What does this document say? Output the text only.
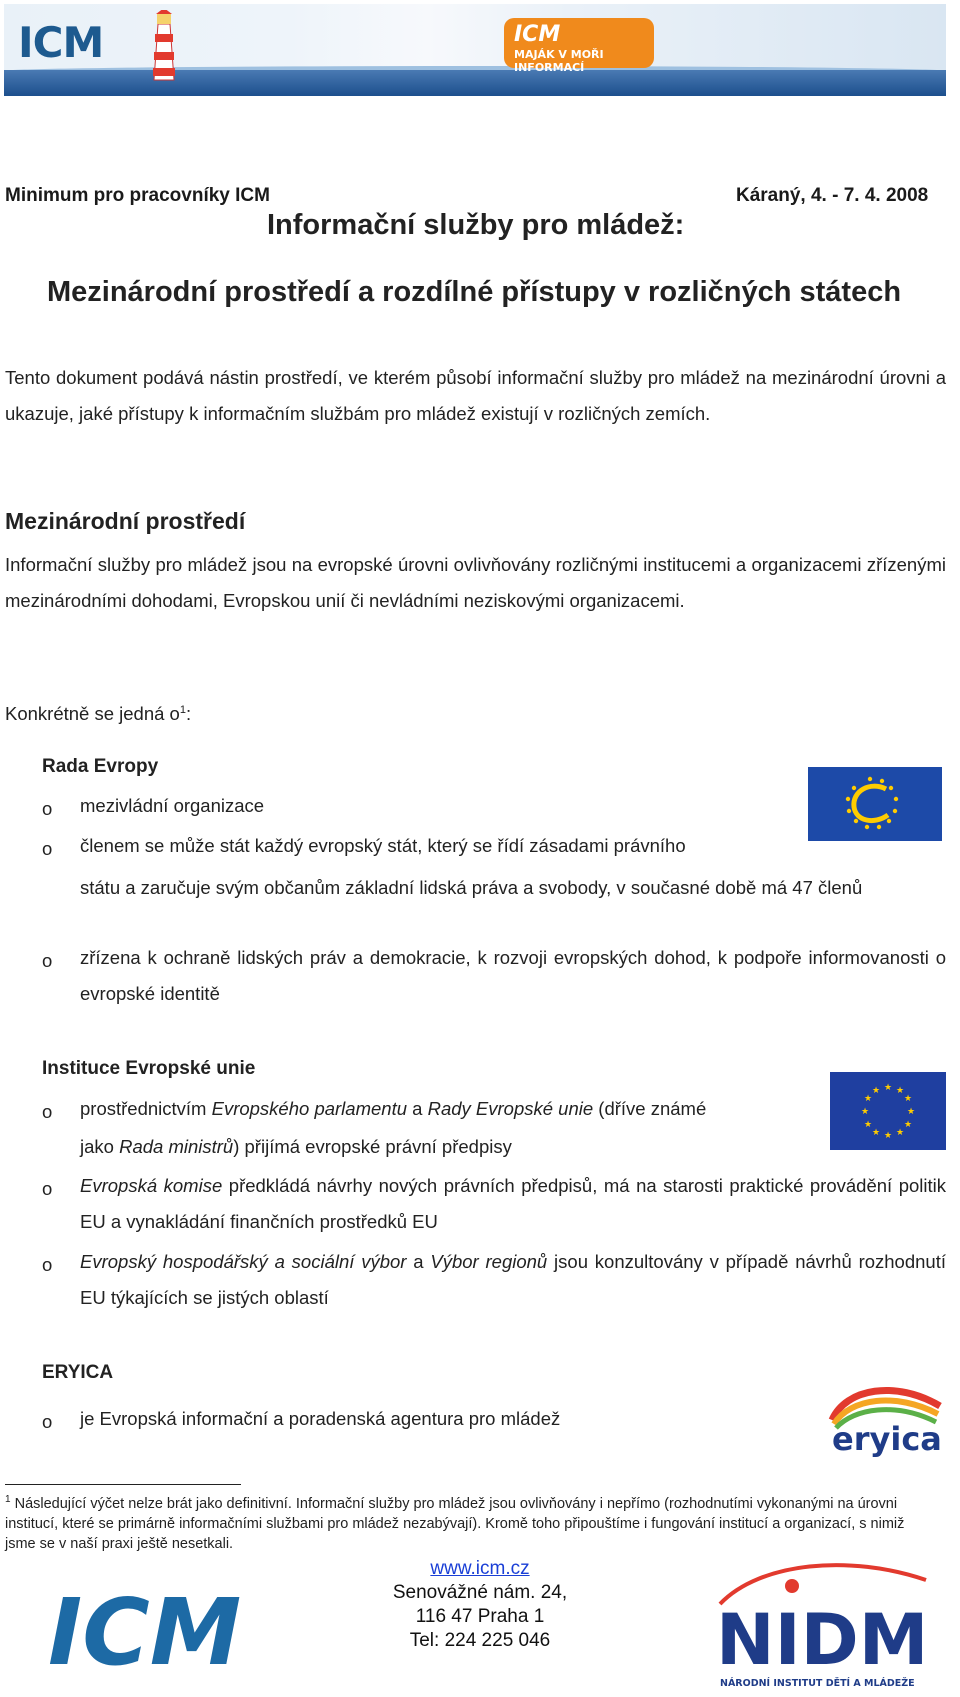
ICM	ICM
MAJÁK V MOŘI INFORMACÍ
Minimum pro pracovníky ICM	Káraný, 4. - 7. 4. 2008
Informační služby pro mládež:
Mezinárodní prostředí a rozdílné přístupy v rozličných státech
Tento dokument podává nástin prostředí, ve kterém působí informační služby pro mládež na mezinárodní úrovni a ukazuje, jaké přístupy k informačním službám pro mládež existují v rozličných zemích.
Mezinárodní prostředí
Informační služby pro mládež jsou na evropské úrovni ovlivňovány rozličnými institucemi a organizacemi zřízenými mezinárodními dohodami, Evropskou unií či nevládními neziskovými organizacemi.
Konkrétně se jedná $o^1$:
Rada Evropy
o mezivládní organizace
o členem se může stát každý evropský stát, který se řídí zásadami právního
státu a zaručuje svým občanům základní lidská práva a svobody, v současné době má 47 členů
o zřízena k ochraně lidských práv a demokracie, k rozvoji evropských dohod, k podpoře informovanosti o evropské identitě
Instituce Evropské unie
★ ★
★
★
★
★
★
★
★
★
★
★
o prostřednictvím Evropského parlamentu a Rady Evropské unie (dříve známé
jako Rada ministrů) přijímá evropské právní předpisy
o Evropská komise předkládá návrhy nových právních předpisů, má na starosti praktické provádění politik EU a vynakládání finančních prostředků EU
o Evropský hospodářský a sociální výbor a Výbor regionů jsou konzultovány v případě návrhů rozhodnutí EU týkajících se jistých oblastí
ERYICA
eryica
o je Evropská informační a poradenská agentura pro mládež
$^1$ Následující výčet nelze brát jako definitivní. Informační služby pro mládež jsou ovlivňovány i nepřímo (rozhodnutími vykonanými na úrovni institucí, které se primárně informačními službami pro mládež nezabývají). Kromě toho připouštíme i fungování institucí a organizací, s nimiž jsme se v naší praxi ještě nesetkali.
ICM
www.icm.cz
Senovážné nám. 24,
116 47 Praha 1
Tel: 224 225 046	NIDM
NÁRODNÍ INSTITUT DĚTÍ A MLÁDEŽE
